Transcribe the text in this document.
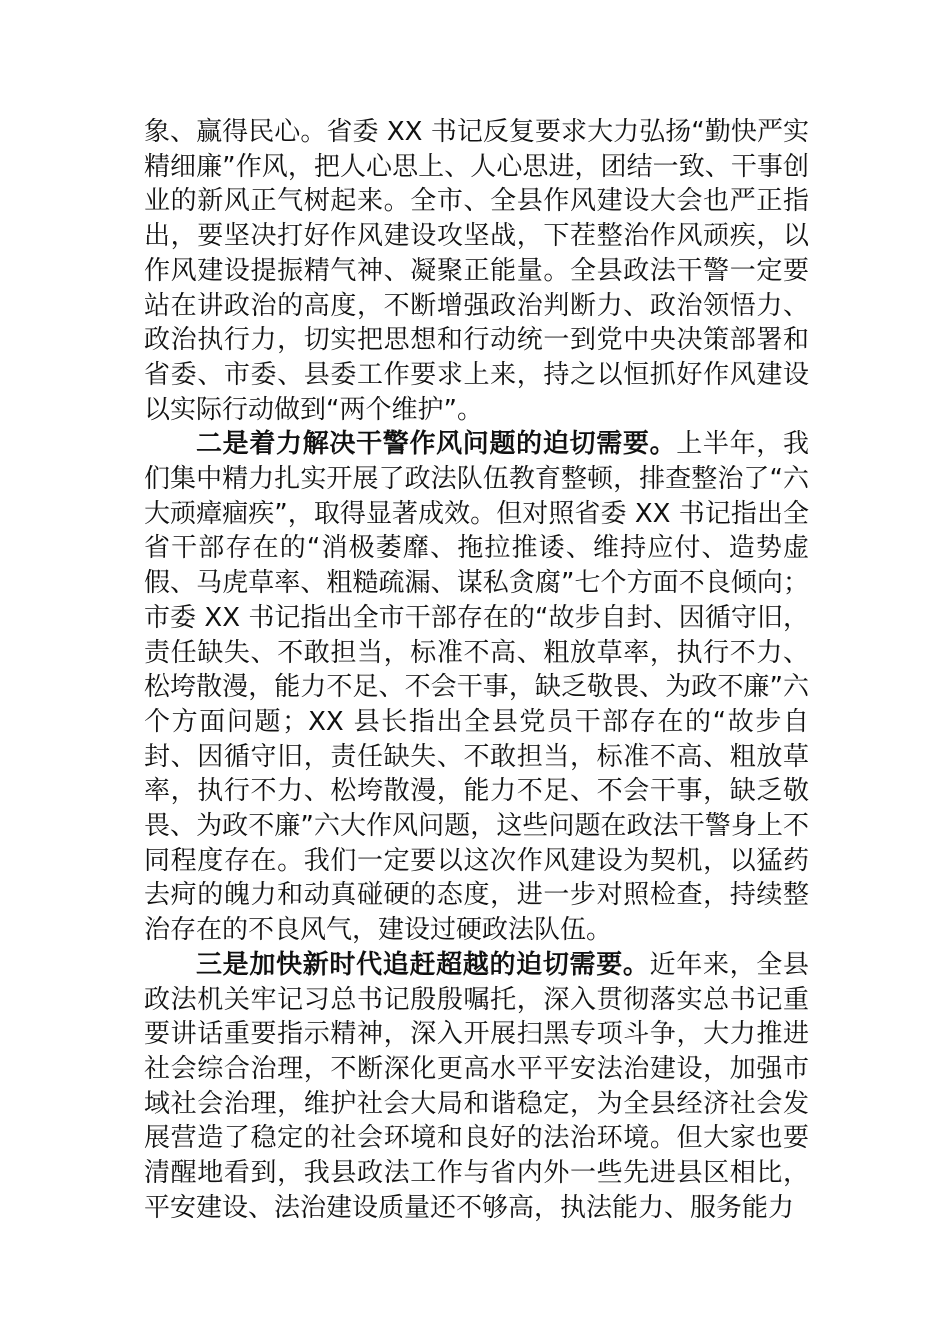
象、赢得民心。省委 XX 书记反复要求大力弘扬“勤快严实精细廉”作风，把人心思上、人心思进，团结一致、干事创业的新风正气树起来。全市、全县作风建设大会也严正指出，要坚决打好作风建设攻坚战，下茬整治作风顽疾，以作风建设提振精气神、凝聚正能量。全县政法干警一定要站在讲政治的高度，不断增强政治判断力、政治领悟力、政治执行力，切实把思想和行动统一到党中央决策部署和省委、市委、县委工作要求上来，持之以恒抓好作风建设以实际行动做到“两个维护”。

二是着力解决干警作风问题的迫切需要。上半年，我们集中精力扎实开展了政法队伍教育整顿，排查整治了“六大顽瘴痼疾”，取得显著成效。但对照省委 XX 书记指出全省干部存在的“消极萎靡、拖拉推诿、维持应付、造势虚假、马虎草率、粗糙疏漏、谋私贪腐”七个方面不良倾向；市委 XX 书记指出全市干部存在的“故步自封、因循守旧，责任缺失、不敢担当，标准不高、粗放草率，执行不力、松垮散漫，能力不足、不会干事，缺乏敬畏、为政不廉”六个方面问题；XX 县长指出全县党员干部存在的“故步自封、因循守旧，责任缺失、不敢担当，标准不高、粗放草率，执行不力、松垮散漫，能力不足、不会干事，缺乏敬畏、为政不廉”六大作风问题，这些问题在政法干警身上不同程度存在。我们一定要以这次作风建设为契机，以猛药去疴的魄力和动真碰硬的态度，进一步对照检查，持续整治存在的不良风气，建设过硬政法队伍。

三是加快新时代追赶超越的迫切需要。近年来，全县政法机关牢记习总书记殷殷嘱托，深入贯彻落实总书记重要讲话重要指示精神，深入开展扫黑专项斗争，大力推进社会综合治理，不断深化更高水平平安法治建设，加强市域社会治理，维护社会大局和谐稳定，为全县经济社会发展营造了稳定的社会环境和良好的法治环境。但大家也要清醒地看到，我县政法工作与省内外一些先进县区相比，平安建设、法治建设质量还不够高，执法能力、服务能力
